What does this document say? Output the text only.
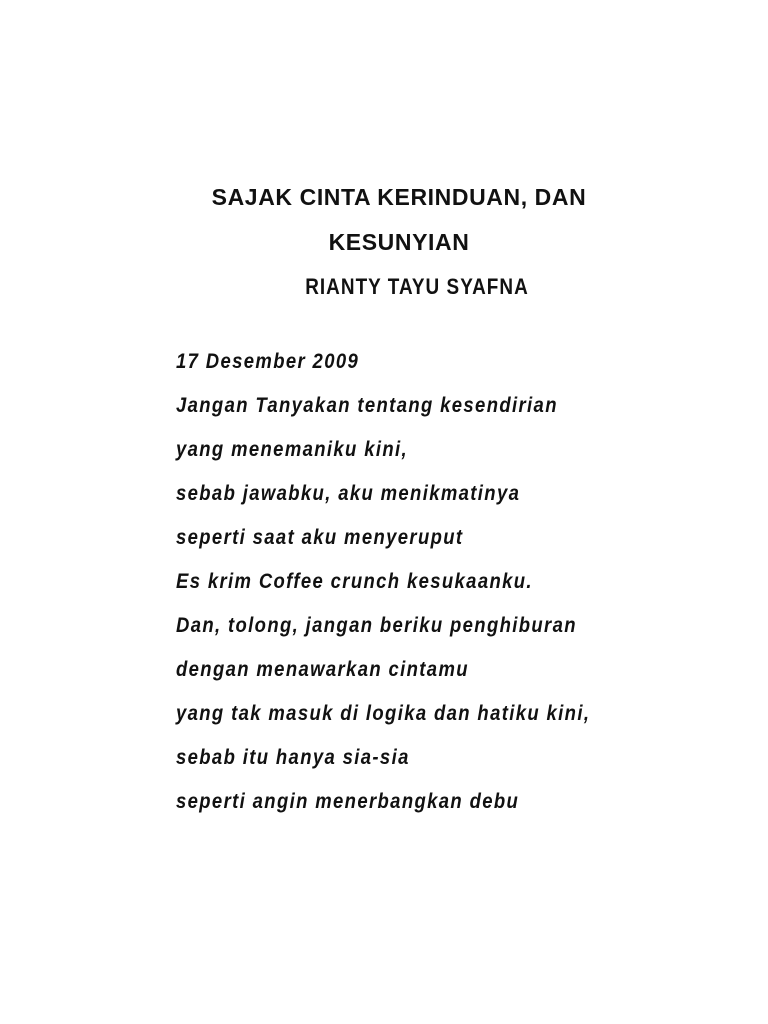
SAJAK CINTA KERINDUAN, DAN
KESUNYIAN

RIANTY TAYU SYAFNA

17 Desember 2009
Jangan Tanyakan tentang kesendirian
yang menemaniku kini,
sebab jawabku, aku menikmatinya
seperti saat aku menyeruput
Es krim Coffee crunch kesukaanku.
Dan, tolong, jangan beriku penghiburan
dengan menawarkan cintamu
yang tak masuk di logika dan hatiku kini,
sebab itu hanya sia-sia
seperti angin menerbangkan debu
